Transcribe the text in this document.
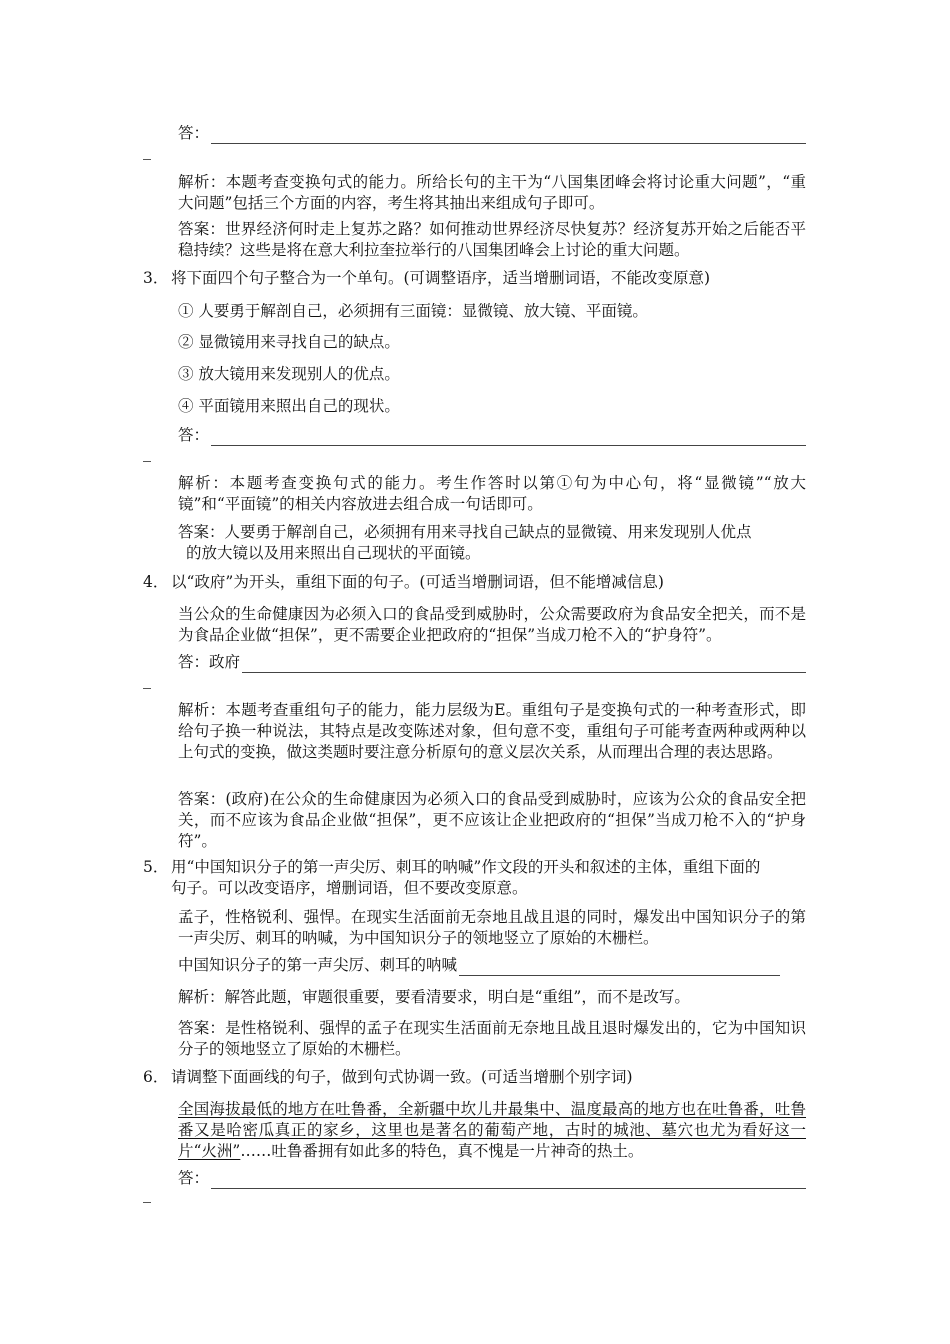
答：

解析：本题考查变换句式的能力。所给长句的主干为“八国集团峰会将讨论重大问题”，“重大问题”包括三个方面的内容，考生将其抽出来组成句子即可。

答案：世界经济何时走上复苏之路？如何推动世界经济尽快复苏？经济复苏开始之后能否平稳持续？这些是将在意大利拉奎拉举行的八国集团峰会上讨论的重大问题。

3． 将下面四个句子整合为一个单句。(可调整语序，适当增删词语，不能改变原意)

① 人要勇于解剖自己，必须拥有三面镜：显微镜、放大镜、平面镜。

② 显微镜用来寻找自己的缺点。

③ 放大镜用来发现别人的优点。

④ 平面镜用来照出自己的现状。

答：

解析：本题考查变换句式的能力。考生作答时以第①句为中心句，将“显微镜”“放大镜”和“平面镜”的相关内容放进去组合成一句话即可。

答案：人要勇于解剖自己，必须拥有用来寻找自己缺点的显微镜、用来发现别人优点

的放大镜以及用来照出自己现状的平面镜。

4． 以“政府”为开头，重组下面的句子。(可适当增删词语，但不能增减信息)

当公众的生命健康因为必须入口的食品受到威胁时，公众需要政府为食品安全把关，而不是为食品企业做“担保”，更不需要企业把政府的“担保”当成刀枪不入的“护身符”。

答：政府

解析：本题考查重组句子的能力，能力层级为E。重组句子是变换句式的一种考查形式，即给句子换一种说法，其特点是改变陈述对象，但句意不变，重组句子可能考查两种或两种以上句式的变换，做这类题时要注意分析原句的意义层次关系，从而理出合理的表达思路。

答案：(政府)在公众的生命健康因为必须入口的食品受到威胁时，应该为公众的食品安全把关，而不应该为食品企业做“担保”，更不应该让企业把政府的“担保”当成刀枪不入的“护身符”。

5． 用“中国知识分子的第一声尖厉、刺耳的呐喊”作文段的开头和叙述的主体，重组下面的
句子。可以改变语序，增删词语，但不要改变原意。

孟子，性格锐利、强悍。在现实生活面前无奈地且战且退的同时，爆发出中国知识分子的第一声尖厉、刺耳的呐喊，为中国知识分子的领地竖立了原始的木栅栏。

中国知识分子的第一声尖厉、刺耳的呐喊

解析：解答此题，审题很重要，要看清要求，明白是“重组”，而不是改写。

答案：是性格锐利、强悍的孟子在现实生活面前无奈地且战且退时爆发出的，它为中国知识分子的领地竖立了原始的木栅栏。

6． 请调整下面画线的句子，做到句式协调一致。(可适当增删个别字词)

全国海拔最低的地方在吐鲁番，全新疆中坎儿井最集中、温度最高的地方也在吐鲁番，吐鲁番又是哈密瓜真正的家乡，这里也是著名的葡萄产地，古时的城池、墓穴也尤为看好这一片“火洲”……吐鲁番拥有如此多的特色，真不愧是一片神奇的热土。

答：
